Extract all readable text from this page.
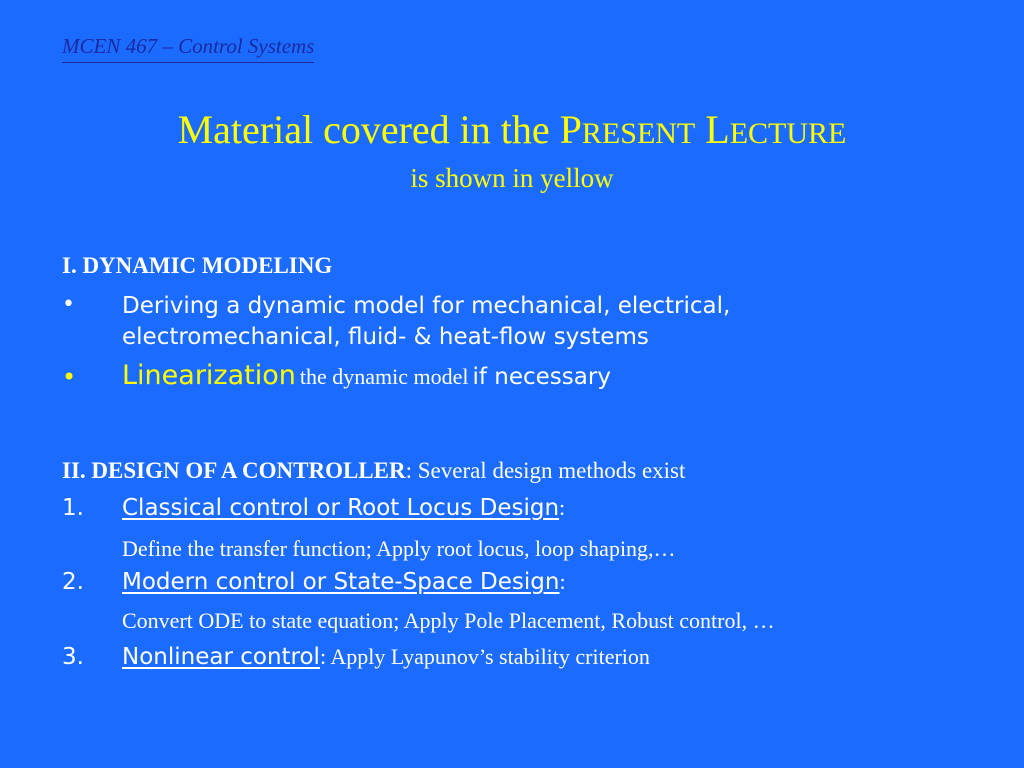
MCEN 467 – Control Systems
Material covered in the PRESENT LECTURE
is shown in yellow
I. DYNAMIC MODELING
• Deriving a dynamic model for mechanical, electrical,
electromechanical, fluid- & heat-flow systems
• Linearization the dynamic model if necessary
II. DESIGN OF A CONTROLLER: Several design methods exist
1. Classical control or Root Locus Design:
Define the transfer function; Apply root locus, loop shaping,…
2. Modern control or State-Space Design:
Convert ODE to state equation; Apply Pole Placement, Robust control, …
3. Nonlinear control: Apply Lyapunov’s stability criterion
